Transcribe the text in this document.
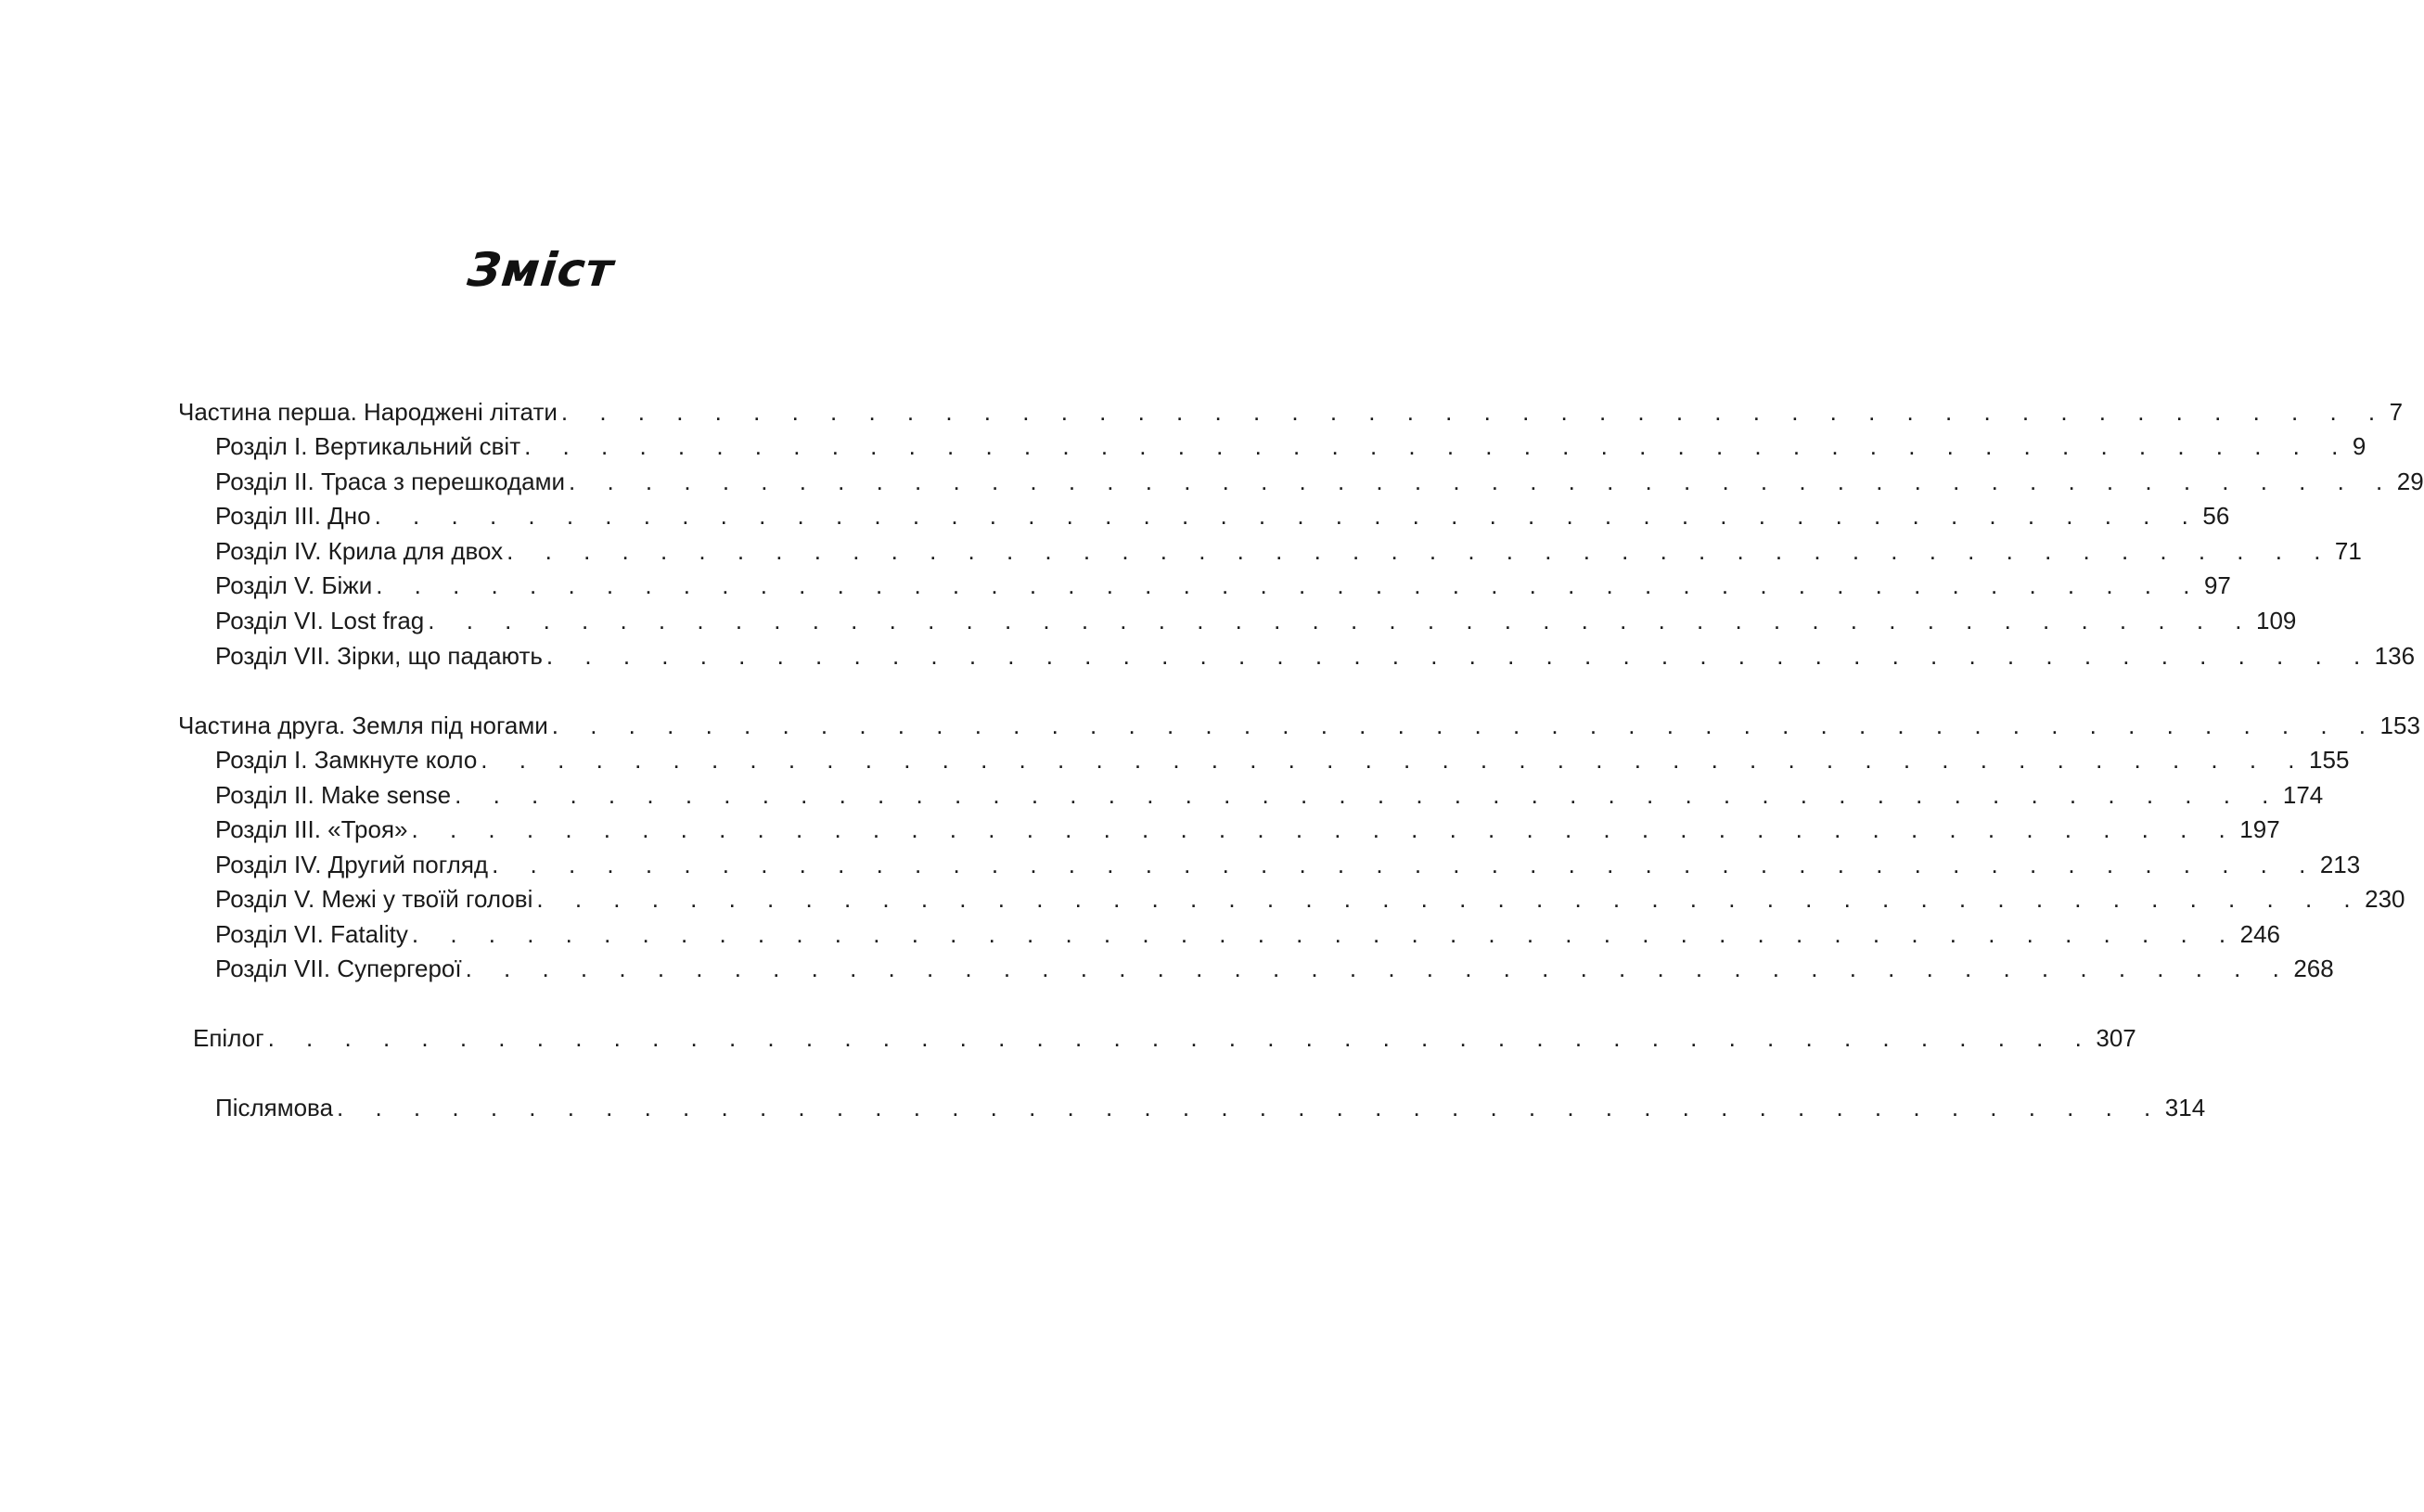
Зміст
Частина перша. Народжені літати . . . . . . . . . . . . . . . . . . . . . . . . . . . . . . . . . . . . . . . . . . . . . . . . 7
Розділ I. Вертикальний світ . . . . . . . . . . . . . . . . . . . . . . . . . . . . . . . . . . . . . . . . . . . . . . . . 9
Розділ II. Траса з перешкодами . . . . . . . . . . . . . . . . . . . . . . . . . . . . . . . . . . . . . . . . . . . . . . . . 29
Розділ III. Дно . . . . . . . . . . . . . . . . . . . . . . . . . . . . . . . . . . . . . . . . . . . . . . . . 56
Розділ IV. Крила для двох . . . . . . . . . . . . . . . . . . . . . . . . . . . . . . . . . . . . . . . . . . . . . . . . 71
Розділ V. Біжи . . . . . . . . . . . . . . . . . . . . . . . . . . . . . . . . . . . . . . . . . . . . . . . . 97
Розділ VI. Lost frag . . . . . . . . . . . . . . . . . . . . . . . . . . . . . . . . . . . . . . . . . . . . . . . . 109
Розділ VII. Зірки, що падають . . . . . . . . . . . . . . . . . . . . . . . . . . . . . . . . . . . . . . . . . . . . . . . . 136
Частина друга. Земля під ногами . . . . . . . . . . . . . . . . . . . . . . . . . . . . . . . . . . . . . . . . . . . . . . . . 153
Розділ I. Замкнуте коло . . . . . . . . . . . . . . . . . . . . . . . . . . . . . . . . . . . . . . . . . . . . . . . . 155
Розділ II. Make sense . . . . . . . . . . . . . . . . . . . . . . . . . . . . . . . . . . . . . . . . . . . . . . . . 174
Розділ III. «Троя» . . . . . . . . . . . . . . . . . . . . . . . . . . . . . . . . . . . . . . . . . . . . . . . . 197
Розділ IV. Другий погляд . . . . . . . . . . . . . . . . . . . . . . . . . . . . . . . . . . . . . . . . . . . . . . . . 213
Розділ V. Межі у твоїй голові . . . . . . . . . . . . . . . . . . . . . . . . . . . . . . . . . . . . . . . . . . . . . . . . 230
Розділ VI. Fatality . . . . . . . . . . . . . . . . . . . . . . . . . . . . . . . . . . . . . . . . . . . . . . . . 246
Розділ VII. Супергерої . . . . . . . . . . . . . . . . . . . . . . . . . . . . . . . . . . . . . . . . . . . . . . . . 268
Епілог . . . . . . . . . . . . . . . . . . . . . . . . . . . . . . . . . . . . . . . . . . . . . . . . 307
Післямова . . . . . . . . . . . . . . . . . . . . . . . . . . . . . . . . . . . . . . . . . . . . . . . . 314
